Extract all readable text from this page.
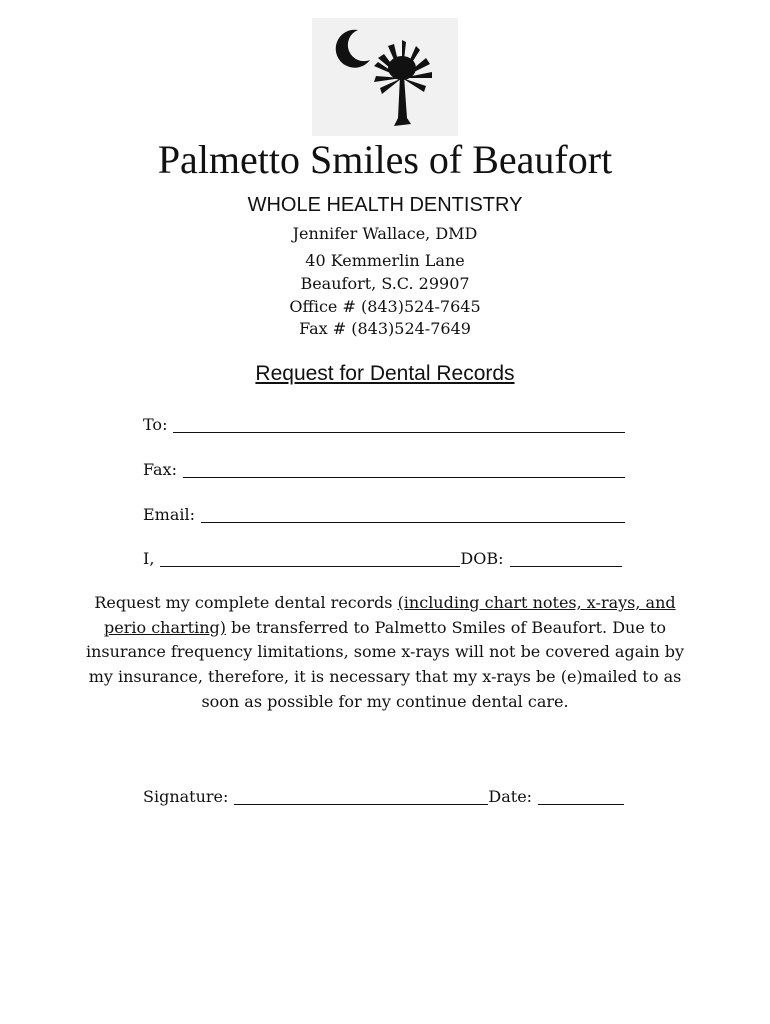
Palmetto Smiles of Beaufort
WHOLE HEALTH DENTISTRY
Jennifer Wallace, DMD
40 Kemmerlin Lane
Beaufort, S.C. 29907
Office # (843)524-7645
Fax # (843)524-7649
Request for Dental Records
To:
Fax:
Email:
I,	DOB:
Request my complete dental records (including chart notes, x-rays, and perio charting) be transferred to Palmetto Smiles of Beaufort. Due to insurance frequency limitations, some x-rays will not be covered again by my insurance, therefore, it is necessary that my x-rays be (e)mailed to as soon as possible for my continue dental care.
Signature:	Date:
